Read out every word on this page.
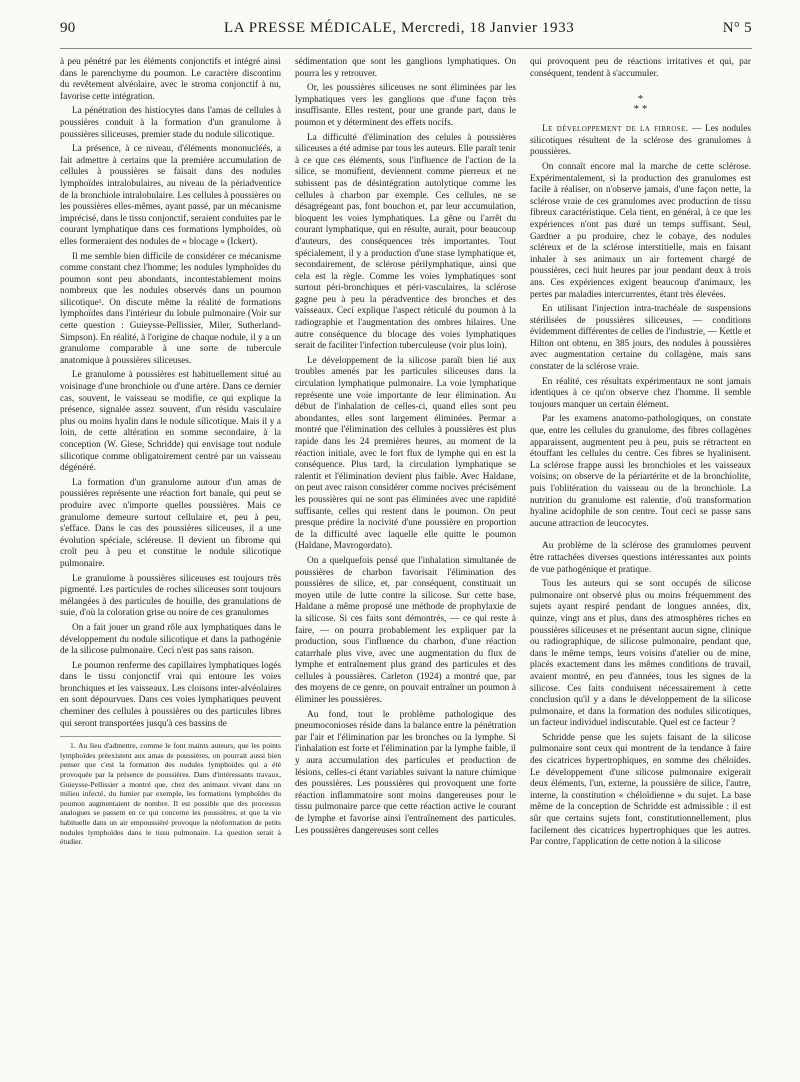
90	LA PRESSE MÉDICALE, Mercredi, 18 Janvier 1933	N° 5

à peu pénétré par les éléments conjonctifs et intégré ainsi dans le parenchyme du poumon. Le caractère discontinu du revêtement alvéolaire, avec le stroma conjonctif à nu, favorise cette intégration.

La pénétration des histiocytes dans l'amas de cellules à poussières conduit à la formation d'un granulome à poussières siliceuses, premier stade du nodule silicotique.

La présence, à ce niveau, d'éléments mononucléés, a fait admettre à certains que la première accumulation de cellules à poussières se faisait dans des nodules lymphoïdes intralobulaires, au niveau de la périadventice de la bronchiole intralobulaire. Les cellules à poussières ou les poussières elles-mêmes, ayant passé, par un mécanisme imprécisé, dans le tissu conjonctif, seraient conduites par le courant lymphatique dans ces formations lymphoïdes, où elles formeraient des nodules de « blocage » (Ickert).

Il me semble bien difficile de considérer ce mécanisme comme constant chez l'homme; les nodules lymphoïdes du poumon sont peu abondants, incontestablement moins nombreux que les nodules observés dans un poumon silicotique¹. On discute même la réalité de formations lymphoïdes dans l'intérieur du lobule pulmonaire (Voir sur cette question : Guieysse-Pellissier, Miler, Sutherland-Simpson). En réalité, à l'origine de chaque nodule, il y a un granulome comparable à une sorte de tubercule anatomique à poussières siliceuses.

Le granulome à poussières est habituellement situé au voisinage d'une bronchiole ou d'une artère. Dans ce dernier cas, souvent, le vaisseau se modifie, ce qui explique la présence, signalée assez souvent, d'un résidu vasculaire plus ou moins hyalin dans le nodule silicotique. Mais il y a loin, de cette altération en somme secondaire, à la conception (W. Giese, Schridde) qui envisage tout nodule silicotique comme obligatoirement centré par un vaisseau dégénéré.

La formation d'un granulome autour d'un amas de poussières représente une réaction fort banale, qui peut se produire avec n'importe quelles poussières. Mais ce granulome demeure surtout cellulaire et, peu à peu, s'efface. Dans le cas des poussières siliceuses, il a une évolution spéciale, scléreuse. Il devient un fibrome qui croît peu à peu et constitue le nodule silicotique pulmonaire.

Le granulome à poussières siliceuses est toujours très pigmenté. Les particules de roches siliceuses sont toujours mélangées à des particules de houille, des granulations de suie, d'où la coloration grise ou noire de ces granulomes

On a fait jouer un grand rôle aux lymphatiques dans le développement du nodule silicotique et dans la pathogénie de la silicose pulmonaire. Ceci n'est pas sans raison.

Le poumon renferme des capillaires lymphatiques logés dans le tissu conjonctif vrai qui entoure les voies bronchiques et les vaisseaux. Les cloisons inter-alvéolaires en sont dépourvues. Dans ces voies lymphatiques peuvent cheminer des cellules à poussières ou des particules libres qui seront transportées jusqu'à ces bassins de

1. Au lieu d'admettre, comme le font maints auteurs, que les points lymphoïdes préexistent aux amas de poussières, on pourrait aussi bien penser que c'est la formation des nodules lymphoïdes qui a été provoquée par la présence de poussières. Dans d'intéressants travaux, Guieysse-Pellissier a montré que, chez des animaux vivant dans un milieu infecté, du fumier par exemple, les formations lymphoïdes du poumon augmentaient de nombre. Il est possible que des processus analogues se passent en ce qui concerne les poussières, et que la vie habituelle dans un air empoussiéré provoque la néoformation de petits nodules lymphoïdes dans le tissu pulmonaire. La question serait à étudier.

sédimentation que sont les ganglions lymphatiques. On pourra les y retrouver.

Or, les poussières siliceuses ne sont éliminées par les lymphatiques vers les ganglions que d'une façon très insuffisante. Elles restent, pour une grande part, dans le poumon et y déterminent des effets nocifs.

La difficulté d'élimination des celules à poussières siliceuses a été admise par tous les auteurs. Elle paraît tenir à ce que ces éléments, sous l'influence de l'action de la silice, se momifient, deviennent comme pierreux et ne subissent pas de désintégration autolytique comme les cellules à charbon par exemple. Ces cellules, ne se désagrégeant pas, font bouchon et, par leur accumulation, bloquent les voies lymphatiques. La gêne ou l'arrêt du courant lymphatique, qui en résulte, aurait, pour beaucoup d'auteurs, des conséquences très importantes. Tout spécialement, il y a production d'une stase lymphatique et, secondairement, de sclérose périlymphatique, ainsi que cela est la règle. Comme les voies lymphatiques sont surtout péri-bronchiques et péri-vasculaires, la sclérose gagne peu à peu la péradventice des bronches et des vaisseaux. Ceci explique l'aspect réticulé du poumon à la radiographie et l'augmentation des ombres hilaires. Une autre conséquence du blocage des voies lymphatiques serait de faciliter l'infection tuberculeuse (voir plus loin).

Le développement de la silicose paraît bien lié aux troubles amenés par les particules siliceuses dans la circulation lymphatique pulmonaire. La voie lymphatique représente une voie importante de leur élimination. Au début de l'inhalation de celles-ci, quand elles sont peu abondantes, elles sont largement éliminées. Permar a montré que l'élimination des cellules à poussières est plus rapide dans les 24 premières heures, au moment de la réaction initiale, avec le fort flux de lymphe qui en est la conséquence. Plus tard, la circulation lymphatique se ralentit et l'élimination devient plus faible. Avec Haldane, on peut avec raison considérer comme nocives précisément les poussières qui ne sont pas éliminées avec une rapidité suffisante, celles qui restent dans le poumon. On peut presque prédire la nocivité d'une poussière en proportion de la difficulté avec laquelle elle quitte le poumon (Haldane, Mavrogordato).

On a quelquefois pensé que l'inhalation simultanée de poussières de charbon favorisait l'élimination des poussières de silice, et, par conséquent, constituait un moyen utile de lutte contre la silicose. Sur cette base, Haldane a même proposé une méthode de prophylaxie de la silicose. Si ces faits sont démontrés, — ce qui reste à faire, — on pourra probablement les expliquer par la production, sous l'influence du charbon, d'une réaction catarrhale plus vive, avec une augmentation du flux de lymphe et entraînement plus grand des particules et des cellules à poussières. Carleton (1924) a montré que, par des moyens de ce genre, on pouvait entraîner un poumon à éliminer les poussières.

Au fond, tout le problème pathologique des pneumoconioses réside dans la balance entre la pénétration par l'air et l'élimination par les bronches ou la lymphe. Si l'inhalation est forte et l'élimination par la lymphe faible, il y aura accumulation des particules et production de lésions, celles-ci étant variables suivant la nature chimique des poussières. Les poussières qui provoquent une forte réaction inflammatoire sont moins dangereuses pour le tissu pulmonaire parce que cette réaction active le courant de lymphe et favorise ainsi l'entraînement des particules. Les poussières dangereuses sont celles

qui provoquent peu de réactions irritatives et qui, par conséquent, tendent à s'accumuler.

*
* *

Le développement de la fibrose. — Les nodules silicotiques résultent de la sclérose des granulomes à poussières.

On connaît encore mal la marche de cette sclérose. Expérimentalement, si la production des granulomes est facile à réaliser, on n'observe jamais, d'une façon nette, la sclérose vraie de ces granulomes avec production de tissu fibreux caractéristique. Cela tient, en général, à ce que les expériences n'ont pas duré un temps suffisant. Seul, Gardner a pu produire, chez le cobaye, des nodules scléreux et de la sclérose interstitielle, mais en faisant inhaler à ses animaux un air fortement chargé de poussières, ceci huit heures par jour pendant deux à trois ans. Ces expériences exigent beaucoup d'animaux, les pertes par maladies intercurrentes, étant très élevées.

En utilisant l'injection intra-trachéale de suspensions stérilisées de poussières siliceuses, — conditions évidemment différentes de celles de l'industrie, — Kettle et Hilton ont obtenu, en 385 jours, des nodules à poussières avec augmentation certaine du collagène, mais sans constater de la sclérose vraie.

En réalité, ces résultats expérimentaux ne sont jamais identiques à ce qu'on observe chez l'homme. Il semble toujours manquer un certain élément.

Par les examens anatomo-pathologiques, on constate que, entre les cellules du granulome, des fibres collagènes apparaissent, augmentent peu à peu, puis se rétractent en étouffant les cellules du centre. Ces fibres se hyalinisent. La sclérose frappe aussi les bronchioles et les vaisseaux voisins; on observe de la périartérite et de la bronchiolite, puis l'oblitération du vaisseau ou de la bronchiole. La nutrition du granulome est ralentie, d'où transformation hyaline acidophile de son centre. Tout ceci se passe sans aucune attraction de leucocytes.

Au problème de la sclérose des granulomes peuvent être rattachées diverses questions intéressantes aux points de vue pathogénique et pratique.

Tous les auteurs qui se sont occupés de silicose pulmonaire ont observé plus ou moins fréquemment des sujets ayant respiré pendant de longues années, dix, quinze, vingt ans et plus, dans des atmosphères riches en poussières siliceuses et ne présentant aucun signe, clinique ou radiographique, de silicose pulmonaire, pendant que, dans le même temps, leurs voisins d'atelier ou de mine, placés exactement dans les mêmes conditions de travail, avaient montré, en peu d'années, tous les signes de la silicose. Ces faits conduisent nécessairement à cette conclusion qu'il y a dans le développement de la silicose pulmonaire, et dans la formation des nodules silicotiques, un facteur individuel indiscutable. Quel est ce facteur ?

Schridde pense que les sujets faisant de la silicose pulmonaire sont ceux qui montrent de la tendance à faire des cicatrices hypertrophiques, en somme des chéloïdes. Le développement d'une silicose pulmonaire exigerait deux éléments, l'un, externe, la poussière de silice, l'autre, interne, la constitution « chéloïdienne » du sujet. La base même de la conception de Schridde est admissible : il est sûr que certains sujets font, constitutionnellement, plus facilement des cicatrices hypertrophiques que les autres. Par contre, l'application de cette notion à la silicose
